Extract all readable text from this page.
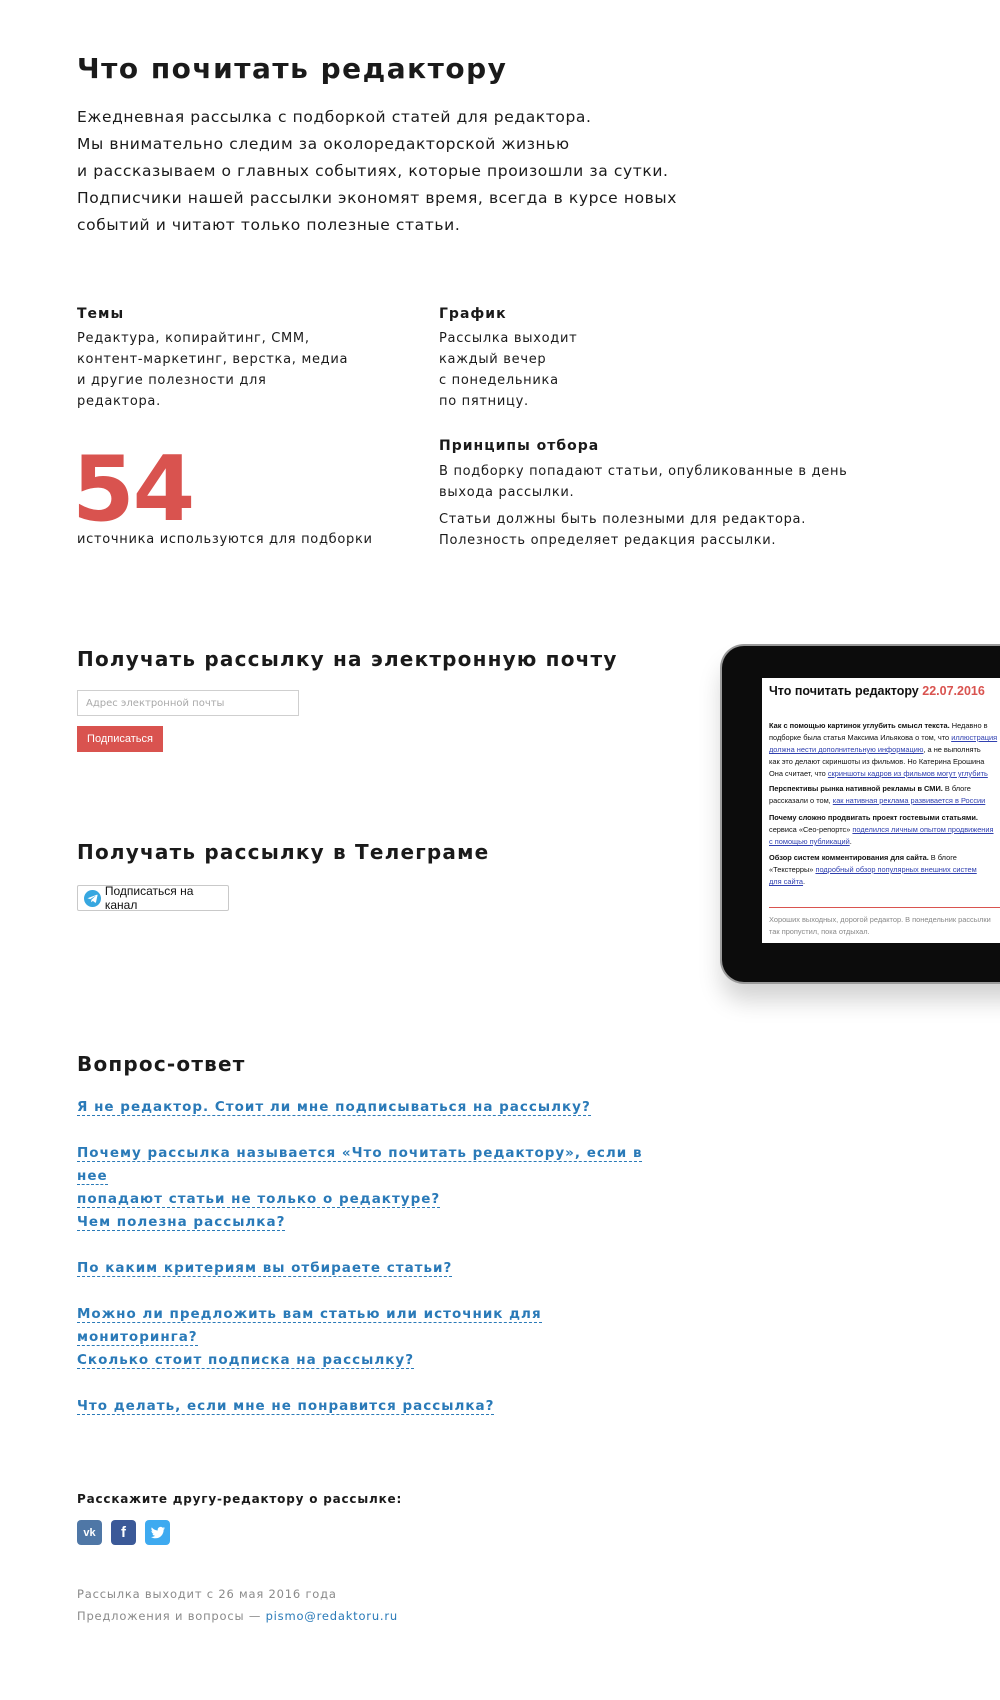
Что почитать редактору
Ежедневная рассылка с подборкой статей для редактора.
Мы внимательно следим за околоредакторской жизнью
и рассказываем о главных событиях, которые произошли за сутки.
Подписчики нашей рассылки экономят время, всегда в курсе новых
событий и читают только полезные статьи.
Темы
Редактура, копирайтинг, СММ,
контент-маркетинг, верстка, медиа
и другие полезности для
редактора.
График
Рассылка выходит
каждый вечер
с понедельника
по пятницу.
Принципы отбора
В подборку попадают статьи, опубликованные в день
выхода рассылки.
Статьи должны быть полезными для редактора.
Полезность определяет редакция рассылки.
54
источника используются для подборки
Получать рассылку на электронную почту
Адрес электронной почты
Подписаться
Получать рассылку в Телеграме
Подписаться на канал
Что почитать редактору 22.07.2016
Как с помощью картинок углубить смысл текста. Недавно в
подборке была статья Максима Ильякова о том, что иллюстрация
должна нести дополнительную информацию, а не выполнять
как это делают скриншоты из фильмов. Но Катерина Ерошина
Она считает, что скриншоты кадров из фильмов могут углубить
Перспективы рынка нативной рекламы в СМИ. В блоге
рассказали о том, как нативная реклама развивается в России
Почему сложно продвигать проект гостевыми статьями.
сервиса «Сео-репортс» поделился личным опытом продвижения
с помощью публикаций.
Обзор систем комментирования для сайта. В блоге
«Текстерры» подробный обзор популярных внешних систем
для сайта.
Хороших выходных, дорогой редактор. В понедельник рассылки
так пропустил, пока отдыхал.
Вопрос-ответ
Я не редактор. Стоит ли мне подписываться на рассылку?
Почему рассылка называется «Что почитать редактору», если в нее
попадают статьи не только о редактуре?
Чем полезна рассылка?
По каким критериям вы отбираете статьи?
Можно ли предложить вам статью или источник для мониторинга?
Сколько стоит подписка на рассылку?
Что делать, если мне не понравится рассылка?
Расскажите другу-редактору о рассылке:
vk	f
Рассылка выходит с 26 мая 2016 года
Предложения и вопросы — pismo@redaktoru.ru
